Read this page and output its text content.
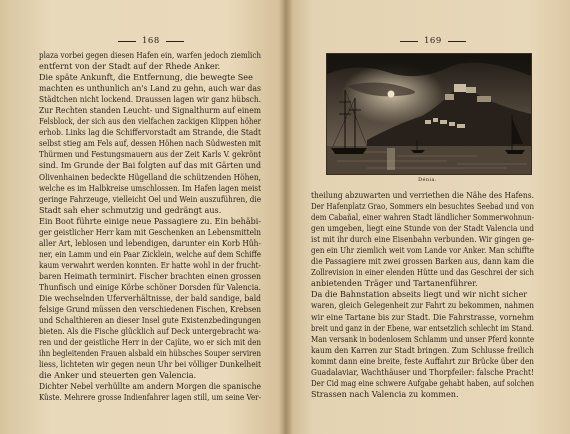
168
plaza vorbei gegen diesen Hafen ein, warfen jedoch ziemlich
entfernt von der Stadt auf der Rhede Anker.
Die späte Ankunft, die Entfernung, die bewegte See
machten es unthunlich an's Land zu gehn, auch war das
Städtchen nicht lockend. Draussen lagen wir ganz hübsch.
Zur Rechten standen Leucht- und Signalthurm auf einem
Felsblock, der sich aus den vielfachen zackigen Klippen höher
erhob. Links lag die Schiffervorstadt am Strande, die Stadt
selbst stieg am Fels auf, dessen Höhen nach Südwesten mit
Thürmen und Festungsmauern aus der Zeit Karls V. gekrönt
sind. Im Grunde der Bai folgten auf das mit Gärten und
Olivenhainen bedeckte Hügelland die schützenden Höhen,
welche es im Halbkreise umschlossen. Im Hafen lagen meist
geringe Fahrzeuge, vielleicht Oel und Wein auszuführen, die
Stadt sah eher schmutzig und gedrängt aus.
Ein Boot führte einige neue Passagiere zu. Ein behäbi-
ger geistlicher Herr kam mit Geschenken an Lebensmitteln
aller Art, leblosen und lebendigen, darunter ein Korb Hüh-
ner, ein Lamm und ein Paar Zicklein, welche auf dem Schiffe
kaum verwahrt werden konnten. Er hatte wohl in der frucht-
baren Heimath terminirt. Fischer brachten einen grossen
Thunfisch und einige Körbe schöner Dorsden für Valencia.
Die wechselnden Uferverhältnisse, der bald sandige, bald
felsige Grund müssen den verschiedenen Fischen, Krebsen
und Schalthieren an dieser Insel gute Existenzbedingungen
bieten. Als die Fische glücklich auf Deck untergebracht wa-
ren und der geistliche Herr in der Cajüte, wo er sich mit den
ihn begleitenden Frauen alsbald ein hübsches Souper serviren
liess, lichteten wir gegen neun Uhr bei völliger Dunkelheit
die Anker und steuerten gen Valencia.
Dichter Nebel verhüllte am andern Morgen die spanische
Küste. Mehrere grosse Indienfahrer lagen still, um seine Ver-
169
Dénia.
theilung abzuwarten und verriethen die Nähe des Hafens.
Der Hafenplatz Grao, Sommers ein besuchtes Seebad und von
dem Cabañal, einer wahren Stadt ländlicher Sommerwohnun-
gen umgeben, liegt eine Stunde von der Stadt Valencia und
ist mit ihr durch eine Eisenbahn verbunden. Wir gingen ge-
gen ein Uhr ziemlich weit vom Lande vor Anker. Man schiffte
die Passagiere mit zwei grossen Barken aus, dann kam die
Zollrevision in einer elenden Hütte und das Geschrei der sich
anbietenden Träger und Tartanenführer.
Da die Bahnstation abseits liegt und wir nicht sicher
waren, gleich Gelegenheit zur Fahrt zu bekommen, nahmen
wir eine Tartane bis zur Stadt. Die Fahrstrasse, vornehm
breit und ganz in der Ebene, war entsetzlich schlecht im Stand.
Man versank in bodenlosem Schlamm und unser Pferd konnte
kaum den Karren zur Stadt bringen. Zum Schlusse freilich
kommt dann eine breite, feste Auffahrt zur Brücke über den
Guadalaviar, Wachthäuser und Thorpfeiler: falsche Pracht!
Der Cid mag eine schwere Aufgabe gehabt haben, auf solchen
Strassen nach Valencia zu kommen.
